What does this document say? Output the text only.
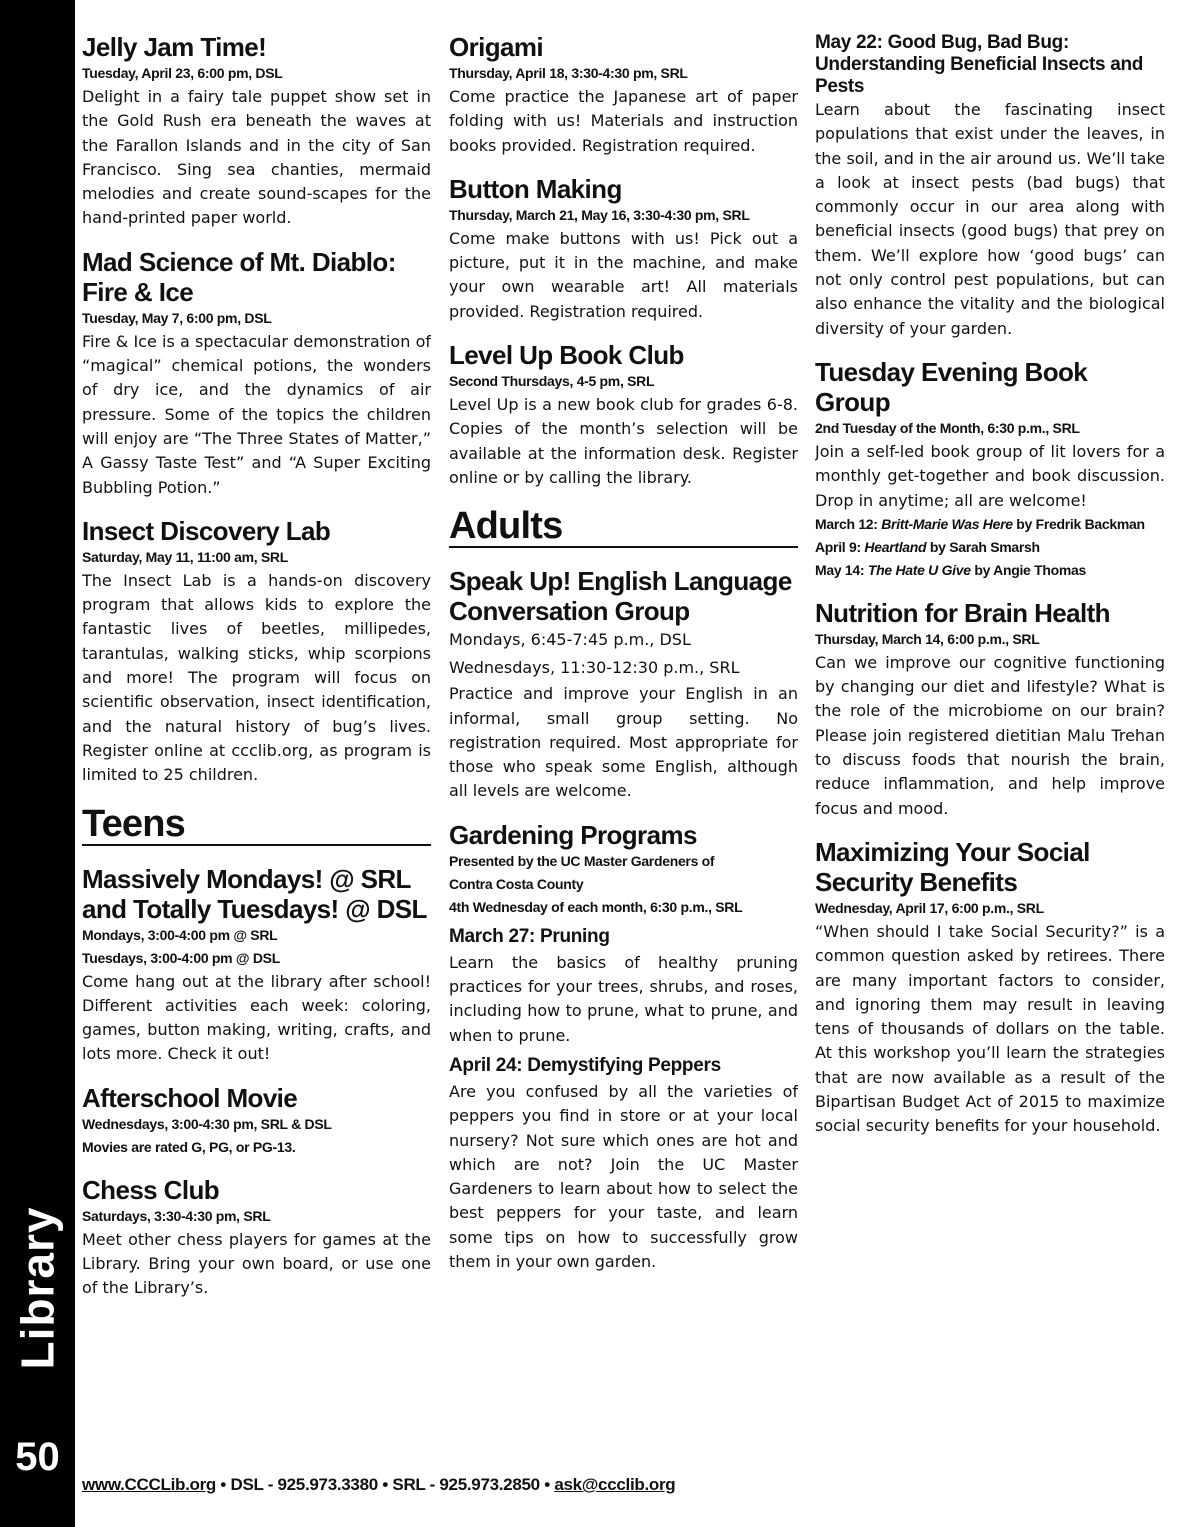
Library
50

Jelly Jam Time!

Tuesday, April 23, 6:00 pm, DSL

Delight in a fairy tale puppet show set in the Gold Rush era beneath the waves at the Farallon Islands and in the city of San Francisco. Sing sea chanties, mermaid melodies and create sound-scapes for the hand-printed paper world.

Mad Science of Mt. Diablo:

Fire & Ice

Tuesday, May 7, 6:00 pm, DSL

Fire & Ice is a spectacular demonstration of “magical” chemical potions, the wonders of dry ice, and the dynamics of air pressure. Some of the topics the children will enjoy are “The Three States of Matter,” A Gassy Taste Test” and “A Super Exciting Bubbling Potion.”

Insect Discovery Lab

Saturday, May 11, 11:00 am, SRL

The Insect Lab is a hands-on discovery program that allows kids to explore the fantastic lives of beetles, millipedes, tarantulas, walking sticks, whip scorpions and more! The program will focus on scientific observation, insect identification, and the natural history of bug’s lives. Register online at ccclib.org, as program is limited to 25 children.

Teens

Massively Mondays! @ SRL

and Totally Tuesdays! @ DSL

Mondays, 3:00-4:00 pm @ SRL

Tuesdays, 3:00-4:00 pm @ DSL

Come hang out at the library after school! Different activities each week: coloring, games, button making, writing, crafts, and lots more. Check it out!

Afterschool Movie

Wednesdays, 3:00-4:30 pm, SRL & DSL

Movies are rated G, PG, or PG-13.

Chess Club

Saturdays, 3:30-4:30 pm, SRL

Meet other chess players for games at the Library. Bring your own board, or use one of the Library’s.

Origami

Thursday, April 18, 3:30-4:30 pm, SRL

Come practice the Japanese art of paper folding with us! Materials and instruction books provided. Registration required.

Button Making

Thursday, March 21, May 16, 3:30-4:30 pm, SRL

Come make buttons with us! Pick out a picture, put it in the machine, and make your own wearable art! All materials provided. Registration required.

Level Up Book Club

Second Thursdays, 4-5 pm, SRL

Level Up is a new book club for grades 6-8. Copies of the month’s selection will be available at the information desk. Register online or by calling the library.

Adults

Speak Up! English Language

Conversation Group

Mondays, 6:45-7:45 p.m., DSL

Wednesdays, 11:30-12:30 p.m., SRL

Practice and improve your English in an informal, small group setting. No registration required. Most appropriate for those who speak some English, although all levels are welcome.

Gardening Programs

Presented by the UC Master Gardeners of

Contra Costa County

4th Wednesday of each month, 6:30 p.m., SRL

March 27: Pruning

Learn the basics of healthy pruning practices for your trees, shrubs, and roses, including how to prune, what to prune, and when to prune.

April 24: Demystifying Peppers

Are you confused by all the varieties of peppers you find in store or at your local nursery? Not sure which ones are hot and which are not? Join the UC Master Gardeners to learn about how to select the best peppers for your taste, and learn some tips on how to successfully grow them in your own garden.

May 22: Good Bug, Bad Bug:

Understanding Beneficial Insects and

Pests

Learn about the fascinating insect populations that exist under the leaves, in the soil, and in the air around us. We’ll take a look at insect pests (bad bugs) that commonly occur in our area along with beneficial insects (good bugs) that prey on them. We’ll explore how ‘good bugs’ can not only control pest populations, but can also enhance the vitality and the biological diversity of your garden.

Tuesday Evening Book Group

2nd Tuesday of the Month, 6:30 p.m., SRL

Join a self-led book group of lit lovers for a monthly get-together and book discussion. Drop in anytime; all are welcome!

March 12: Britt-Marie Was Here by Fredrik Backman

April 9: Heartland by Sarah Smarsh

May 14: The Hate U Give by Angie Thomas

Nutrition for Brain Health

Thursday, March 14, 6:00 p.m., SRL

Can we improve our cognitive functioning by changing our diet and lifestyle? What is the role of the microbiome on our brain? Please join registered dietitian Malu Trehan to discuss foods that nourish the brain, reduce inflammation, and help improve focus and mood.

Maximizing Your Social

Security Benefits

Wednesday, April 17, 6:00 p.m., SRL

“When should I take Social Security?” is a common question asked by retirees. There are many important factors to consider, and ignoring them may result in leaving tens of thousands of dollars on the table. At this workshop you’ll learn the strategies that are now available as a result of the Bipartisan Budget Act of 2015 to maximize social security benefits for your household.

www.CCCLib.org • DSL - 925.973.3380 • SRL - 925.973.2850 • ask@ccclib.org
